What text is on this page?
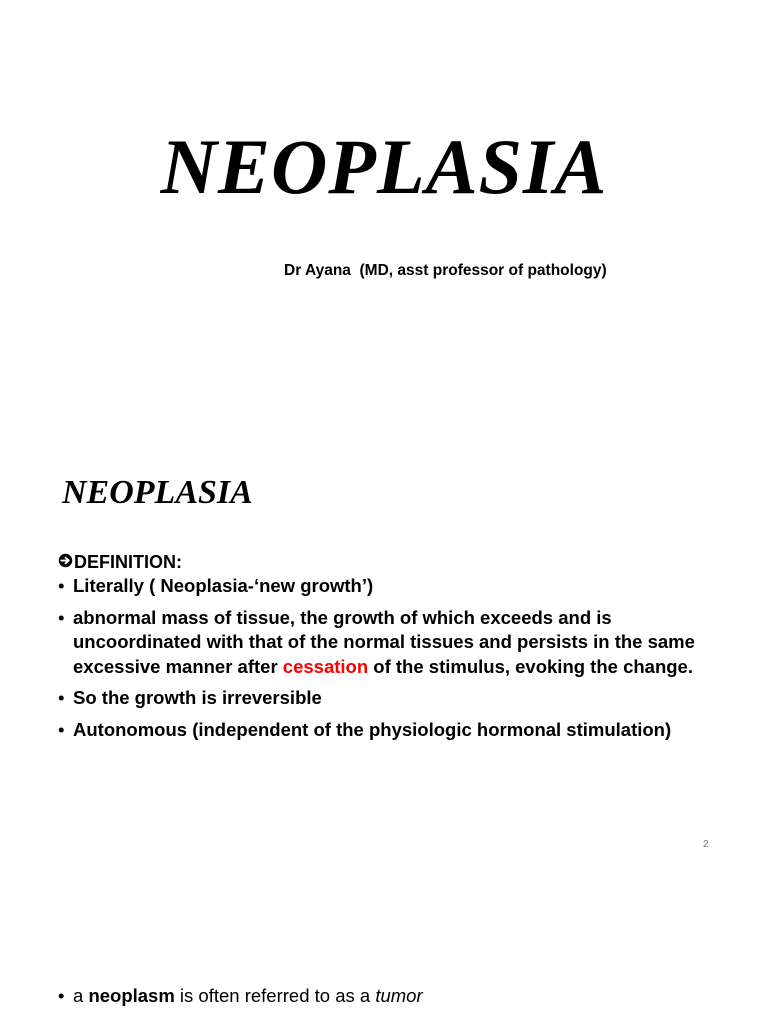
NEOPLASIA
Dr Ayana  (MD, asst professor of pathology)
NEOPLASIA
DEFINITION:
• Literally ( Neoplasia-‘new growth’)
• abnormal mass of tissue, the growth of which exceeds and is uncoordinated with that of the normal tissues and persists in the same excessive manner after cessation of the stimulus, evoking the change.
• So the growth is irreversible
• Autonomous (independent of the physiologic hormonal stimulation)
2
• a neoplasm is often referred to as a tumor
